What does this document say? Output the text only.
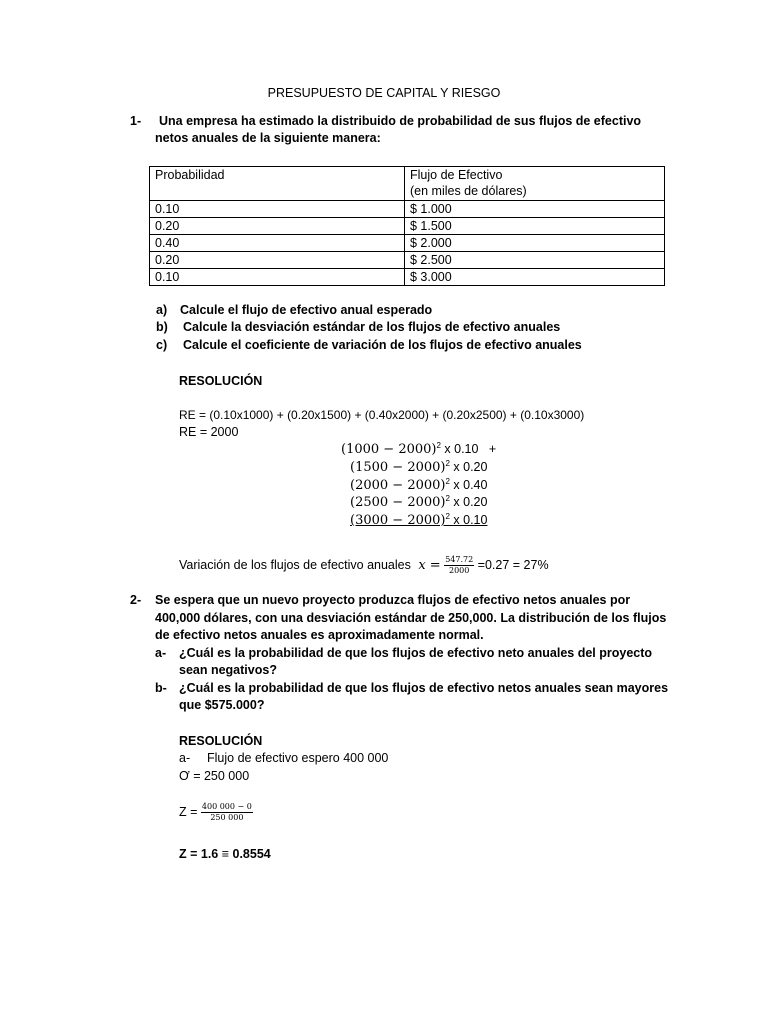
PRESUPUESTO DE CAPITAL Y RIESGO
1- Una empresa ha estimado la distribuido de probabilidad de sus flujos de efectivo
netos anuales de la siguiente manera:
Probabilidad	Flujo de Efectivo
(en miles de dólares)

0.10	$ 1.000
0.20	$ 1.500
0.40	$ 2.000
0.20	$ 2.500
0.10	$ 3.000
a) Calcule el flujo de efectivo anual esperado
b) Calcule la desviación estándar de los flujos de efectivo anuales
c) Calcule el coeficiente de variación de los flujos de efectivo anuales
RESOLUCIÓN
RE = (0.10x1000) + (0.20x1500) + (0.40x2000) + (0.20x2500) + (0.10x3000)
RE = 2000
$(1000 - 2000)^2$ x 0.10   +
$(1500 - 2000)^2$ x 0.20
$(2000 - 2000)^2$ x 0.40
$(2500 - 2000)^2$ x 0.20
$(3000 - 2000)^2$ x 0.10
Variación de los flujos de efectivo anuales $x = \frac{547.72}{2000} =0.27 = 27\%$
2- Se espera que un nuevo proyecto produzca flujos de efectivo netos anuales por
400,000 dólares, con una desviación estándar de 250,000. La distribución de los flujos
de efectivo netos anuales es aproximadamente normal.
a- ¿Cuál es la probabilidad de que los flujos de efectivo neto anuales del proyecto
sean negativos?
b- ¿Cuál es la probabilidad de que los flujos de efectivo netos anuales sean mayores
que $575.000?
RESOLUCIÓN
a- Flujo de efectivo espero 400 000
Ơ = 250 000
$Z = \frac{400 000 - 0}{250 000}$
Z = 1.6 ≡ 0.8554
